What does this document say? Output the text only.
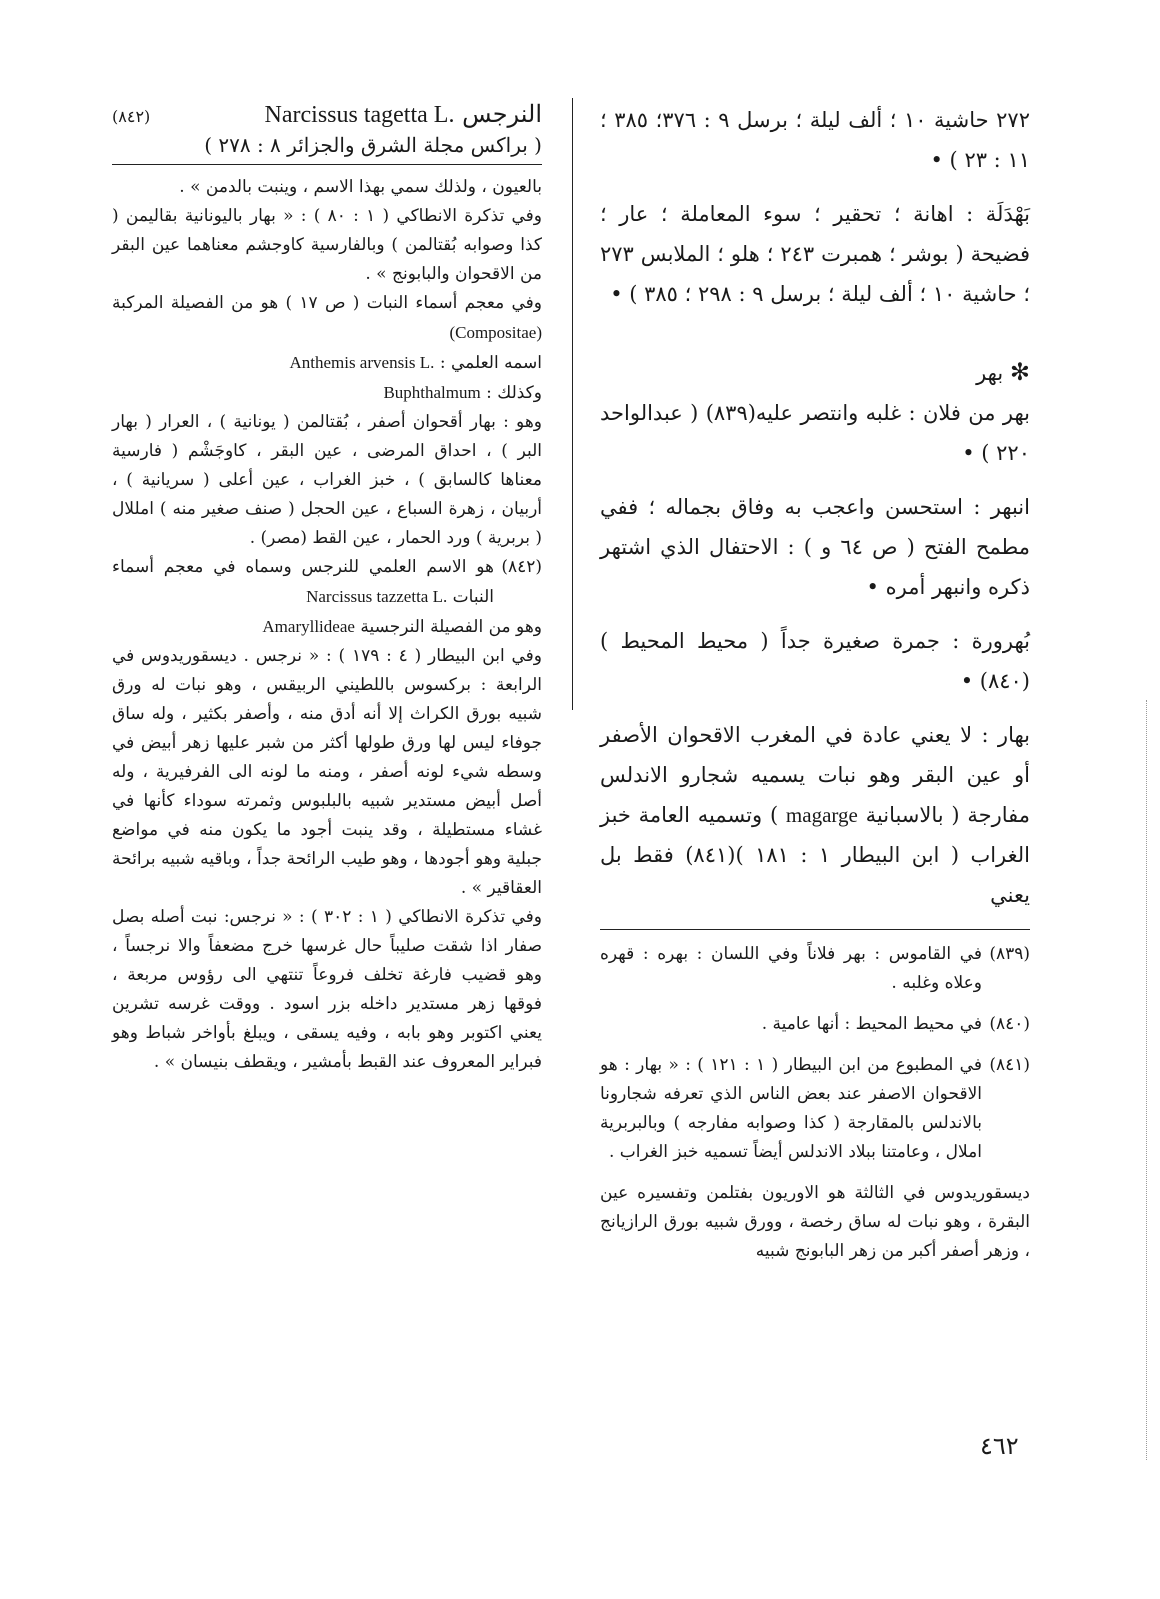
٢٧٢ حاشية ١٠ ؛ ألف ليلة ؛ برسل ٩ : ٣٧٦؛ ٣٨٥ ؛ ١١ : ٢٣ ) •

بَهْدَلَة : اهانة ؛ تحقير ؛ سوء المعاملة ؛ عار ؛ فضيحة ( بوشر ؛ همبرت ٢٤٣ ؛ هلو ؛ الملابس ٢٧٣ ؛ حاشية ١٠ ؛ ألف ليلة ؛ برسل ٩ : ٢٩٨ ؛ ٣٨٥ ) •

✻ بهر

بهر من فلان : غلبه وانتصر عليه(٨٣٩) ( عبدالواحد ٢٢٠ ) •

انبهر : استحسن واعجب به وفاق بجماله ؛ ففي مطمح الفتح ( ص ٦٤ و ) : الاحتفال الذي اشتهر ذكره وانبهر أمره •

بُهرورة : جمرة صغيرة جداً ( محيط المحيط )(٨٤٠) •

بهار : لا يعني عادة في المغرب الاقحوان الأصفر أو عين البقر وهو نبات يسميه شجارو الاندلس مفارجة ( بالاسبانية magarge ) وتسميه العامة خبز الغراب ( ابن البيطار ١ : ١٨١ )(٨٤١) فقط بل يعني

(٨٣٩)
في القاموس : بهر فلاناً وفي اللسان : بهره : قهره وعلاه وغلبه .
(٨٤٠)
في محيط المحيط : أنها عامية .
(٨٤١)
في المطبوع من ابن البيطار ( ١ : ١٢١ ) : « بهار : هو الاقحوان الاصفر عند بعض الناس الذي تعرفه شجارونا بالاندلس بالمقارجة ( كذا وصوابه مفارجه ) وبالبربرية املال ، وعامتنا ببلاد الاندلس أيضاً تسميه خبز الغراب .
ديسقوريدوس في الثالثة هو الاوريون بفتلمن وتفسيره عين البقرة ، وهو نبات له ساق رخصة ، وورق شبيه بورق الرازيانج ، وزهر أصفر أكبر من زهر البابونج شبيه
النرجس Narcissus tagetta L.
(٨٤٢)
( براكس مجلة الشرق والجزائر ٨ : ٢٧٨ )

بالعيون ، ولذلك سمي بهذا الاسم ، وينبت بالدمن » .

وفي تذكرة الانطاكي ( ١ : ٨٠ ) : « بهار باليونانية بقاليمن ( كذا وصوابه بُقتالمن ) وبالفارسية كاوجشم معناهما عين البقر من الاقحوان والبابونج » .

وفي معجم أسماء النبات ( ص ١٧ ) هو من الفصيلة المركبة (Compositae)

اسمه العلمي : Anthemis arvensis L.

وكذلك : Buphthalmum

وهو : بهار أقحوان أصفر ، بُقتالمن ( يونانية ) ، العرار ( بهار البر ) ، احداق المرضى ، عين البقر ، كاوجَشْم ( فارسية معناها كالسابق ) ، خبز الغراب ، عين أعلى ( سريانية ) ، أربيان ، زهرة السباع ، عين الحجل ( صنف صغير منه ) امللال ( بربرية ) ورد الحمار ، عين القط (مصر) .

(٨٤٢)
هو الاسم العلمي للنرجس وسماه في معجم أسماء النبات Narcissus tazzetta L.

وهو من الفصيلة النرجسية Amaryllideae

وفي ابن البيطار ( ٤ : ١٧٩ ) : « نرجس . ديسقوريدوس في الرابعة : بركسوس باللطيني الربيقس ، وهو نبات له ورق شبيه بورق الكراث إلا أنه أدق منه ، وأصفر بكثير ، وله ساق جوفاء ليس لها ورق طولها أكثر من شبر عليها زهر أبيض في وسطه شيء لونه أصفر ، ومنه ما لونه الى الفرفيرية ، وله أصل أبيض مستدير شبيه بالبلبوس وثمرته سوداء كأنها في غشاء مستطيلة ، وقد ينبت أجود ما يكون منه في مواضع جبلية وهو أجودها ، وهو طيب الرائحة جداً ، وباقيه شبيه برائحة العقاقير » .

وفي تذكرة الانطاكي ( ١ : ٣٠٢ ) : « نرجس: نبت أصله بصل صفار اذا شقت صليباً حال غرسها خرج مضعفاً والا نرجساً ، وهو قضيب فارغة تخلف فروعاً تنتهي الى رؤوس مربعة ، فوقها زهر مستدير داخله بزر اسود . ووقت غرسه تشرين يعني اكتوبر وهو بابه ، وفيه يسقى ، ويبلغ بأواخر شباط وهو فبراير المعروف عند القبط بأمشير ، ويقطف بنيسان » .

٤٦٢
